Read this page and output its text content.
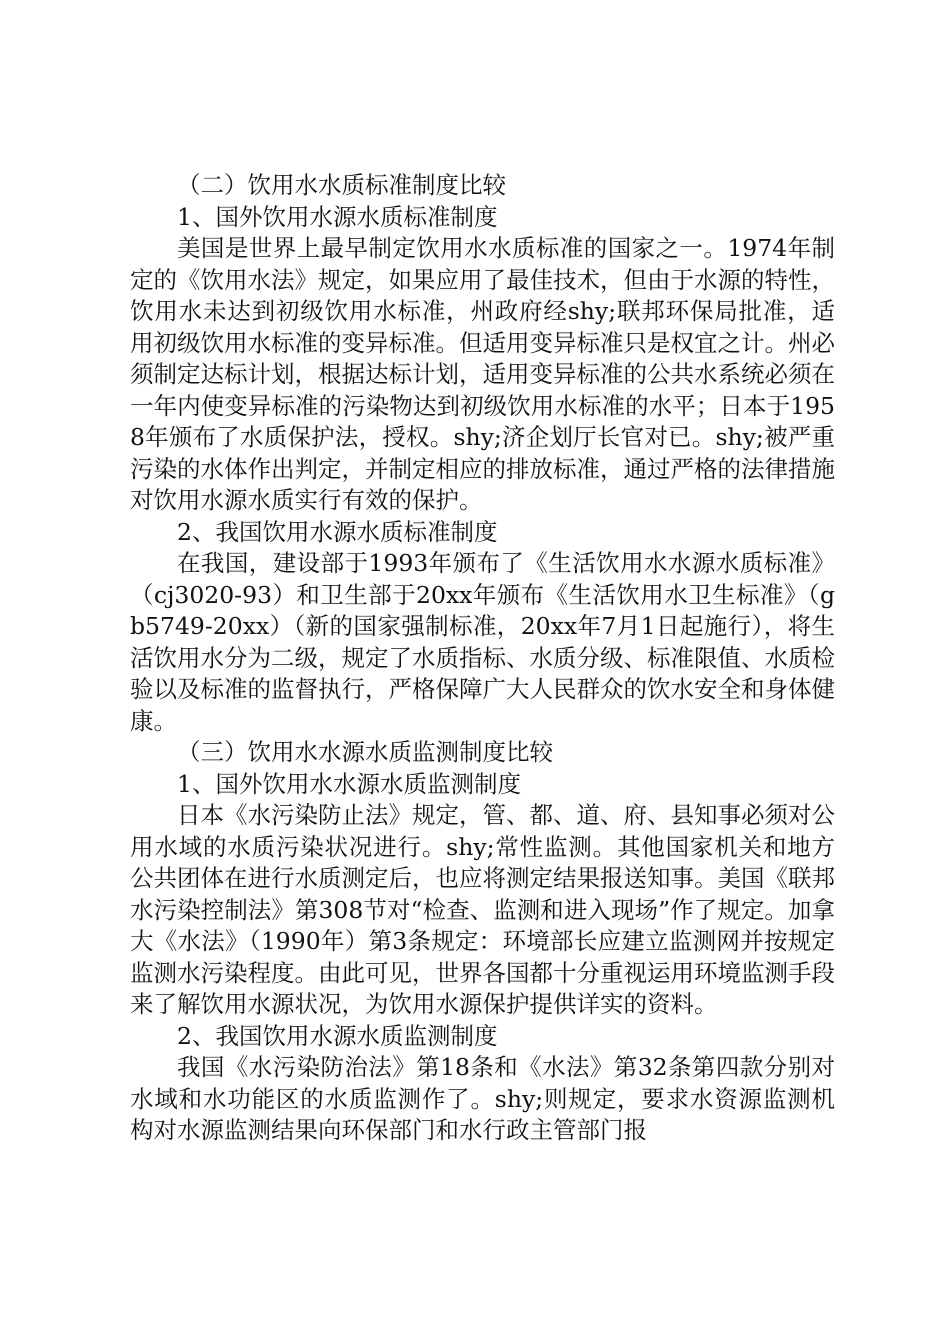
（二）饮用水水质标准制度比较

1、国外饮用水源水质标准制度

美国是世界上最早制定饮用水水质标准的国家之一。1974年制定的《饮用水法》规定，如果应用了最佳技术，但由于水源的特性，饮用水未达到初级饮用水标准，州政府经shy;联邦环保局批准，适用初级饮用水标准的变异标准。但适用变异标准只是权宜之计。州必须制定达标计划，根据达标计划，适用变异标准的公共水系统必须在一年内使变异标准的污染物达到初级饮用水标准的水平；日本于1958年颁布了水质保护法，授权。shy;济企划厅长官对已。shy;被严重污染的水体作出判定，并制定相应的排放标准，通过严格的法律措施对饮用水源水质实行有效的保护。

2、我国饮用水源水质标准制度

在我国，建设部于1993年颁布了《生活饮用水水源水质标准》（cj3020-93）和卫生部于20xx年颁布《生活饮用水卫生标准》（gb5749-20xx）（新的国家强制标准，20xx年7月1日起施行），将生活饮用水分为二级，规定了水质指标、水质分级、标准限值、水质检验以及标准的监督执行，严格保障广大人民群众的饮水安全和身体健康。

（三）饮用水水源水质监测制度比较

1、国外饮用水水源水质监测制度

日本《水污染防止法》规定，管、都、道、府、县知事必须对公用水域的水质污染状况进行。shy;常性监测。其他国家机关和地方公共团体在进行水质测定后，也应将测定结果报送知事。美国《联邦水污染控制法》第308节对“检查、监测和进入现场”作了规定。加拿大《水法》（1990年）第3条规定：环境部长应建立监测网并按规定监测水污染程度。由此可见，世界各国都十分重视运用环境监测手段来了解饮用水源状况，为饮用水源保护提供详实的资料。

2、我国饮用水源水质监测制度

我国《水污染防治法》第18条和《水法》第32条第四款分别对水域和水功能区的水质监测作了。shy;则规定，要求水资源监测机构对水源监测结果向环保部门和水行政主管部门报
